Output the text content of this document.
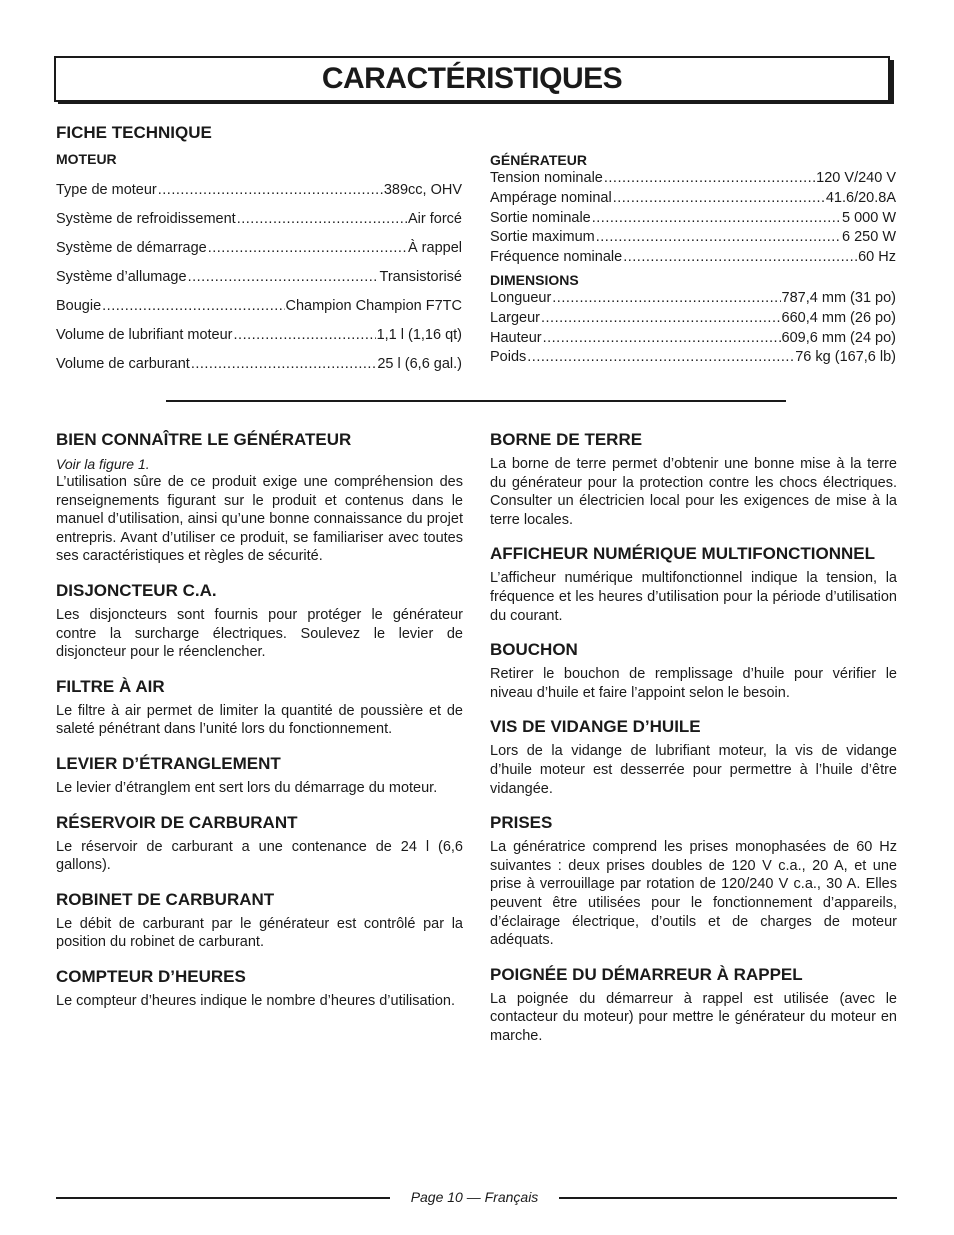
CARACTÉRISTIQUES
FICHE TECHNIQUE
MOTEUR
Type de moteur .....	389cc, OHV
Système de refroidissement .....	Air forcé
Système de démarrage .....	À rappel
Système d’allumage .....	Transistorisé
Bougie .....	Champion Champion F7TC
Volume de lubrifiant moteur .....	1,1 l (1,16 qt)
Volume de carburant .....	25 l (6,6 gal.)
GÉNÉRATEUR
Tension nominale .....	120 V/240 V
Ampérage nominal .....	41.6/20.8A
Sortie nominale .....	5 000 W
Sortie maximum .....	6 250 W
Fréquence nominale .....	60 Hz
DIMENSIONS
Longueur .....	787,4 mm (31 po)
Largeur .....	660,4 mm (26 po)
Hauteur .....	609,6 mm (24 po)
Poids .....	76 kg (167,6 lb)
BIEN CONNAÎTRE LE GÉNÉRATEUR

Voir la figure 1.

L’utilisation sûre de ce produit exige une compréhension des renseignements figurant sur le produit et contenus dans le manuel d’utilisation, ainsi qu’une bonne connaissance du projet entrepris. Avant d’utiliser ce produit, se familiariser avec toutes ses caractéristiques et règles de sécurité.

DISJONCTEUR C.A.

Les disjoncteurs sont fournis pour protéger le générateur contre la surcharge électriques. Soulevez le levier de disjoncteur pour le réenclencher.

FILTRE À AIR

Le filtre à air permet de limiter la quantité de poussière et de saleté pénétrant dans l’unité lors du fonctionnement.

LEVIER D’ÉTRANGLEMENT

Le levier d’étranglem ent sert lors du démarrage du moteur.

RÉSERVOIR DE CARBURANT

Le réservoir de carburant a une contenance de 24 l (6,6 gallons).

ROBINET DE CARBURANT

Le débit de carburant par le générateur est contrôlé par la position du robinet de carburant.

COMPTEUR D’HEURES

Le compteur d’heures indique le nombre d’heures d’utilisation.

BORNE DE TERRE

La borne de terre permet d’obtenir une bonne mise à la terre du générateur pour la protection contre les chocs électriques. Consulter un électricien local pour les exigences de mise à la terre locales.

AFFICHEUR NUMÉRIQUE MULTIFONCTIONNEL

L’afficheur numérique multifonctionnel indique la tension, la fréquence et les heures d’utilisation pour la période d’utilisation du courant.

BOUCHON

Retirer le bouchon de remplissage d’huile pour vérifier le niveau d’huile et faire l’appoint selon le besoin.

VIS DE VIDANGE D’HUILE

Lors de la vidange de lubrifiant moteur, la vis de vidange d’huile moteur est desserrée pour permettre à l’huile d’être vidangée.

PRISES

La génératrice comprend les prises monophasées de 60 Hz suivantes : deux prises doubles de 120 V c.a., 20 A, et une prise à verrouillage par rotation de 120/240 V c.a., 30 A. Elles peuvent être utilisées pour le fonctionnement d’appareils, d’éclairage électrique, d’outils et de charges de moteur adéquats.

POIGNÉE DU DÉMARREUR À RAPPEL

La poignée du démarreur à rappel est utilisée (avec le contacteur du moteur) pour mettre le générateur du moteur en marche.

Page 10 — Français
